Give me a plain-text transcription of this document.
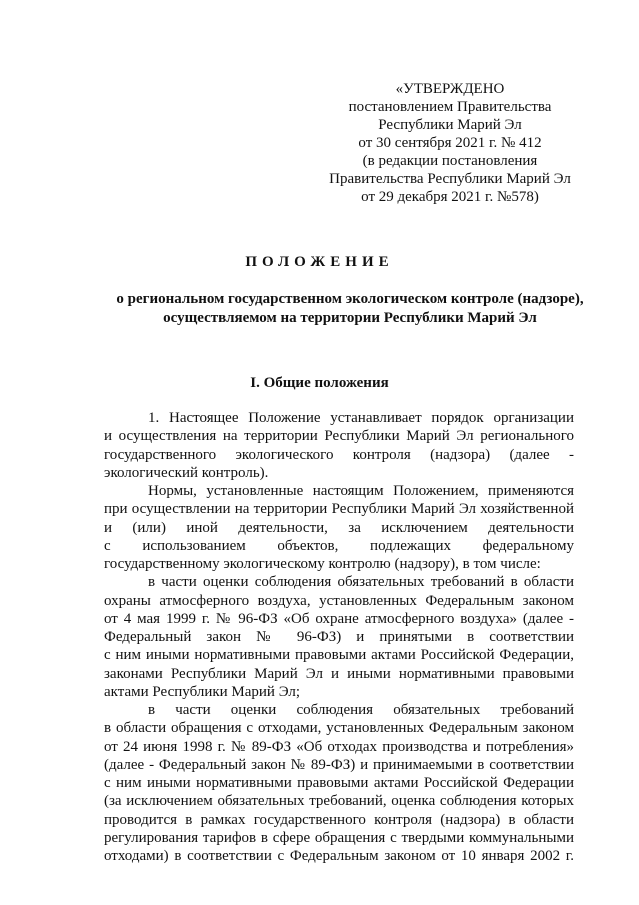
«УТВЕРЖДЕНО
постановлением Правительства
Республики Марий Эл
от 30 сентября 2021 г. № 412
(в редакции постановления
Правительства Республики Марий Эл
от 29 декабря 2021 г. №578)
ПОЛОЖЕНИЕ
о региональном государственном экологическом контроле (надзоре),
осуществляемом на территории Республики Марий Эл
I. Общие положения
1. Настоящее Положение устанавливает порядок организации
и осуществления на территории Республики Марий Эл регионального
государственного экологического контроля (надзора) (далее -
экологический контроль).
Нормы, установленные настоящим Положением, применяются
при осуществлении на территории Республики Марий Эл хозяйственной
и (или) иной деятельности, за исключением деятельности
с использованием объектов, подлежащих федеральному
государственному экологическому контролю (надзору), в том числе:
в части оценки соблюдения обязательных требований в области
охраны атмосферного воздуха, установленных Федеральным законом
от 4 мая 1999 г. № 96-ФЗ «Об охране атмосферного воздуха» (далее -
Федеральный закон № 96-ФЗ) и принятыми в соответствии
с ним иными нормативными правовыми актами Российской Федерации,
законами Республики Марий Эл и иными нормативными правовыми
актами Республики Марий Эл;
в части оценки соблюдения обязательных требований
в области обращения с отходами, установленных Федеральным законом
от 24 июня 1998 г. № 89-ФЗ «Об отходах производства и потребления»
(далее - Федеральный закон № 89-ФЗ) и принимаемыми в соответствии
с ним иными нормативными правовыми актами Российской Федерации
(за исключением обязательных требований, оценка соблюдения которых
проводится в рамках государственного контроля (надзора) в области
регулирования тарифов в сфере обращения с твердыми коммунальными
отходами) в соответствии с Федеральным законом от 10 января 2002 г.
